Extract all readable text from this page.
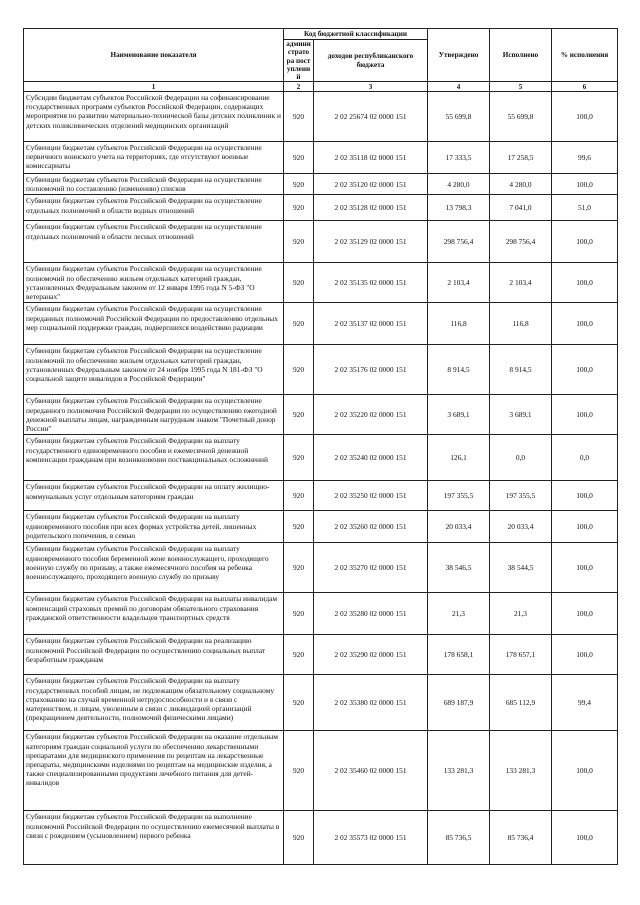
Наименование показателя	Код бюджетной классификации		Утверждено	Исполнено	% исполнения
	администратора поступлений	доходов республиканского бюджета			
1	2	3	4	5	6
Субсидии бюджетам субъектов Российской Федерации на софинансирование государственных программ субъектов Российской Федерации, содержащих мероприятия по развитию материально-технической базы детских поликлиник и детских поликлинических отделений медицинских организаций	920	2 02 25674 02 0000 151	55 699,8	55 699,8	100,0
Субвенции бюджетам субъектов Российской Федерации на осуществление первичного воинского учета на территориях, где отсутствуют военные комиссариаты	920	2 02 35118 02 0000 151	17 333,5	17 258,5	99,6
Субвенции бюджетам субъектов Российской Федерации на осуществление полномочий по составлению (изменению) списков	920	2 02 35120 02 0000 151	4 280,0	4 280,0	100,0
Субвенции бюджетам субъектов Российской Федерации на осуществление отдельных полномочий в области водных отношений	920	2 02 35128 02 0000 151	13 798,3	7 041,0	51,0
Субвенции бюджетам субъектов Российской Федерации на осуществление отдельных полномочий в области лесных отношений	920	2 02 35129 02 0000 151	298 756,4	298 756,4	100,0
Субвенции бюджетам субъектов Российской Федерации на осуществление полномочий по обеспечению жильем отдельных категорий граждан, установленных Федеральным законом от 12 января 1995 года N 5-ФЗ "О ветеранах"	920	2 02 35135 02 0000 151	2 103,4	2 103,4	100,0
Субвенции бюджетам субъектов Российской Федерации на осуществление переданных полномочий Российской Федерации по предоставлению отдельных мер социальной поддержки граждан, подвергшихся воздействию радиации	920	2 02 35137 02 0000 151	116,8	116,8	100,0
Субвенции бюджетам субъектов Российской Федерации на осуществление полномочий по обеспечению жильем отдельных категорий граждан, установленных Федеральным законом от 24 ноября 1995 года N 181-ФЗ "О социальной защите инвалидов в Российской Федерации"	920	2 02 35176 02 0000 151	8 914,5	8 914,5	100,0
Субвенции бюджетам субъектов Российской Федерации на осуществление переданного полномочия Российской Федерации по осуществлению ежегодной денежной выплаты лицам, награжденным нагрудным знаком "Почетный донор России"	920	2 02 35220 02 0000 151	3 689,1	3 689,1	100,0
Субвенции бюджетам субъектов Российской Федерации на выплату государственного единовременного пособия и ежемесячной денежной компенсации гражданам при возникновении поствакцинальных осложнений	920	2 02 35240 02 0000 151	126,1	0,0	0,0
Субвенции бюджетам субъектов Российской Федерации на оплату жилищно-коммунальных услуг отдельным категориям граждан	920	2 02 35250 02 0000 151	197 355,5	197 355,5	100,0
Субвенции бюджетам субъектов Российской Федерации на выплату единовременного пособия при всех формах устройства детей, лишенных родительского попечения, в семью	920	2 02 35260 02 0000 151	20 033,4	20 033,4	100,0
Субвенции бюджетам субъектов Российской Федерации на выплату единовременного пособия беременной жене военнослужащего, проходящего военную службу по призыву, а также ежемесячного пособия на ребенка военнослужащего, проходящего военную службу по призыву	920	2 02 35270 02 0000 151	38 546,5	38 544,5	100,0
Субвенции бюджетам субъектов Российской Федерации на выплаты инвалидам компенсаций страховых премий по договорам обязательного страхования гражданской ответственности владельцев транспортных средств	920	2 02 35280 02 0000 151	21,3	21,3	100,0
Субвенции бюджетам субъектов Российской Федерации на реализацию полномочий Российской Федерации по осуществлению социальных выплат безработным гражданам	920	2 02 35290 02 0000 151	178 658,1	178 657,1	100,0
Субвенции бюджетам субъектов Российской Федерации на выплату государственных пособий лицам, не подлежащим обязательному социальному страхованию на случай временной нетрудоспособности и в связи с материнством, и лицам, уволенным в связи с ликвидацией организаций (прекращением деятельности, полномочий физическими лицами)	920	2 02 35380 02 0000 151	689 187,9	685 112,9	99,4
Субвенции бюджетам субъектов Российской Федерации на оказание отдельным категориям граждан социальной услуги по обеспечению лекарственными препаратами для медицинского применения по рецептам на лекарственные препараты, медицинскими изделиями по рецептам на медицинские изделия, а также специализированными продуктами лечебного питания для детей-инвалидов	920	2 02 35460 02 0000 151	133 281,3	133 281,3	100,0
Субвенции бюджетам субъектов Российской Федерации на выполнение полномочий Российской Федерации по осуществлению ежемесячной выплаты в связи с рождением (усыновлением) первого ребенка	920	2 02 35573 02 0000 151	85 736,5	85 736,4	100,0
